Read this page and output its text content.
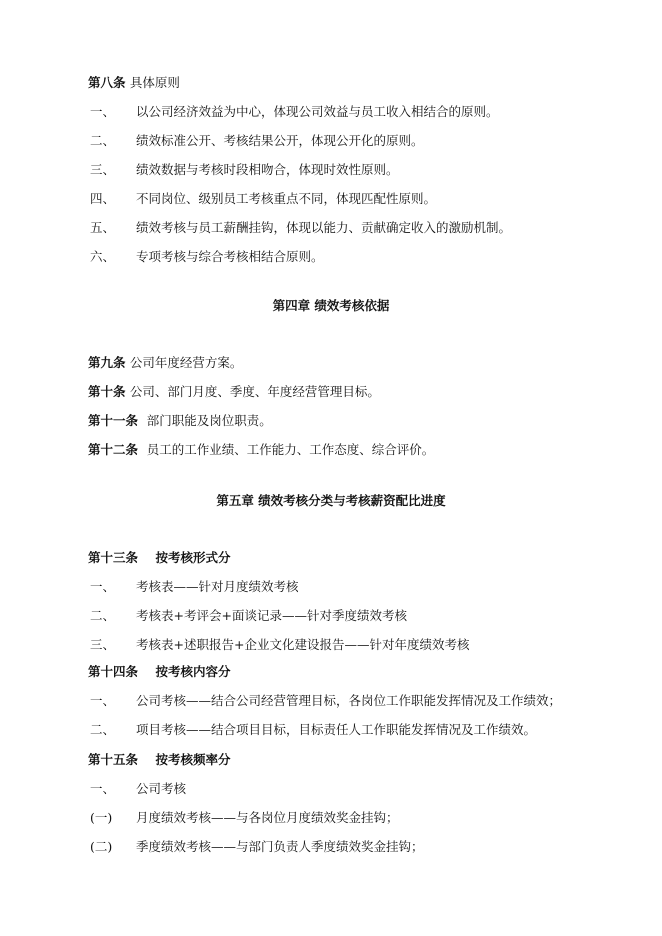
第八条 具体原则
一、 以公司经济效益为中心，体现公司效益与员工收入相结合的原则。
二、 绩效标准公开、考核结果公开，体现公开化的原则。
三、 绩效数据与考核时段相吻合，体现时效性原则。
四、 不同岗位、级别员工考核重点不同，体现匹配性原则。
五、 绩效考核与员工薪酬挂钩，体现以能力、贡献确定收入的激励机制。
六、 专项考核与综合考核相结合原则。
第四章 绩效考核依据
第九条 公司年度经营方案。
第十条 公司、部门月度、季度、年度经营管理目标。
第十一条 部门职能及岗位职责。
第十二条 员工的工作业绩、工作能力、工作态度、综合评价。
第五章 绩效考核分类与考核薪资配比进度
第十三条 按考核形式分
一、 考核表——针对月度绩效考核
二、 考核表+考评会+面谈记录——针对季度绩效考核
三、 考核表+述职报告+企业文化建设报告——针对年度绩效考核
第十四条 按考核内容分
一、 公司考核——结合公司经营管理目标，各岗位工作职能发挥情况及工作绩效；
二、 项目考核——结合项目目标，目标责任人工作职能发挥情况及工作绩效。
第十五条 按考核频率分
一、 公司考核
(一) 月度绩效考核——与各岗位月度绩效奖金挂钩；
(二) 季度绩效考核——与部门负责人季度绩效奖金挂钩；
